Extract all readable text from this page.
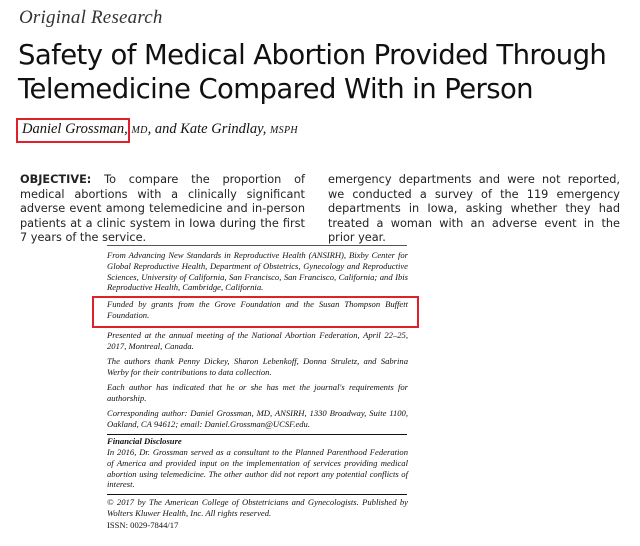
Original Research
Safety of Medical Abortion Provided Through
Telemedicine Compared With in Person
Daniel Grossman, MD, and Kate Grindlay, MSPH
OBJECTIVE: To compare the proportion of medical abortions with a clinically significant adverse event among telemedicine and in-person patients at a clinic system in Iowa during the first 7 years of the service.
emergency departments and were not reported, we conducted a survey of the 119 emergency departments in Iowa, asking whether they had treated a woman with an adverse event in the prior year.
From Advancing New Standards in Reproductive Health (ANSIRH), Bixby Center for Global Reproductive Health, Department of Obstetrics, Gynecology and Reproductive Sciences, University of California, San Francisco, San Francisco, California; and Ibis Reproductive Health, Cambridge, California.
Funded by grants from the Grove Foundation and the Susan Thompson Buffett Foundation.
Presented at the annual meeting of the National Abortion Federation, April 22–25, 2017, Montreal, Canada.
The authors thank Penny Dickey, Sharon Lebenkoff, Donna Struletz, and Sabrina Werby for their contributions to data collection.
Each author has indicated that he or she has met the journal's requirements for authorship.
Corresponding author: Daniel Grossman, MD, ANSIRH, 1330 Broadway, Suite 1100, Oakland, CA 94612; email: Daniel.Grossman@UCSF.edu.
Financial Disclosure
In 2016, Dr. Grossman served as a consultant to the Planned Parenthood Federation of America and provided input on the implementation of services providing medical abortion using telemedicine. The other author did not report any potential conflicts of interest.
© 2017 by The American College of Obstetricians and Gynecologists. Published by Wolters Kluwer Health, Inc. All rights reserved.
ISSN: 0029-7844/17
